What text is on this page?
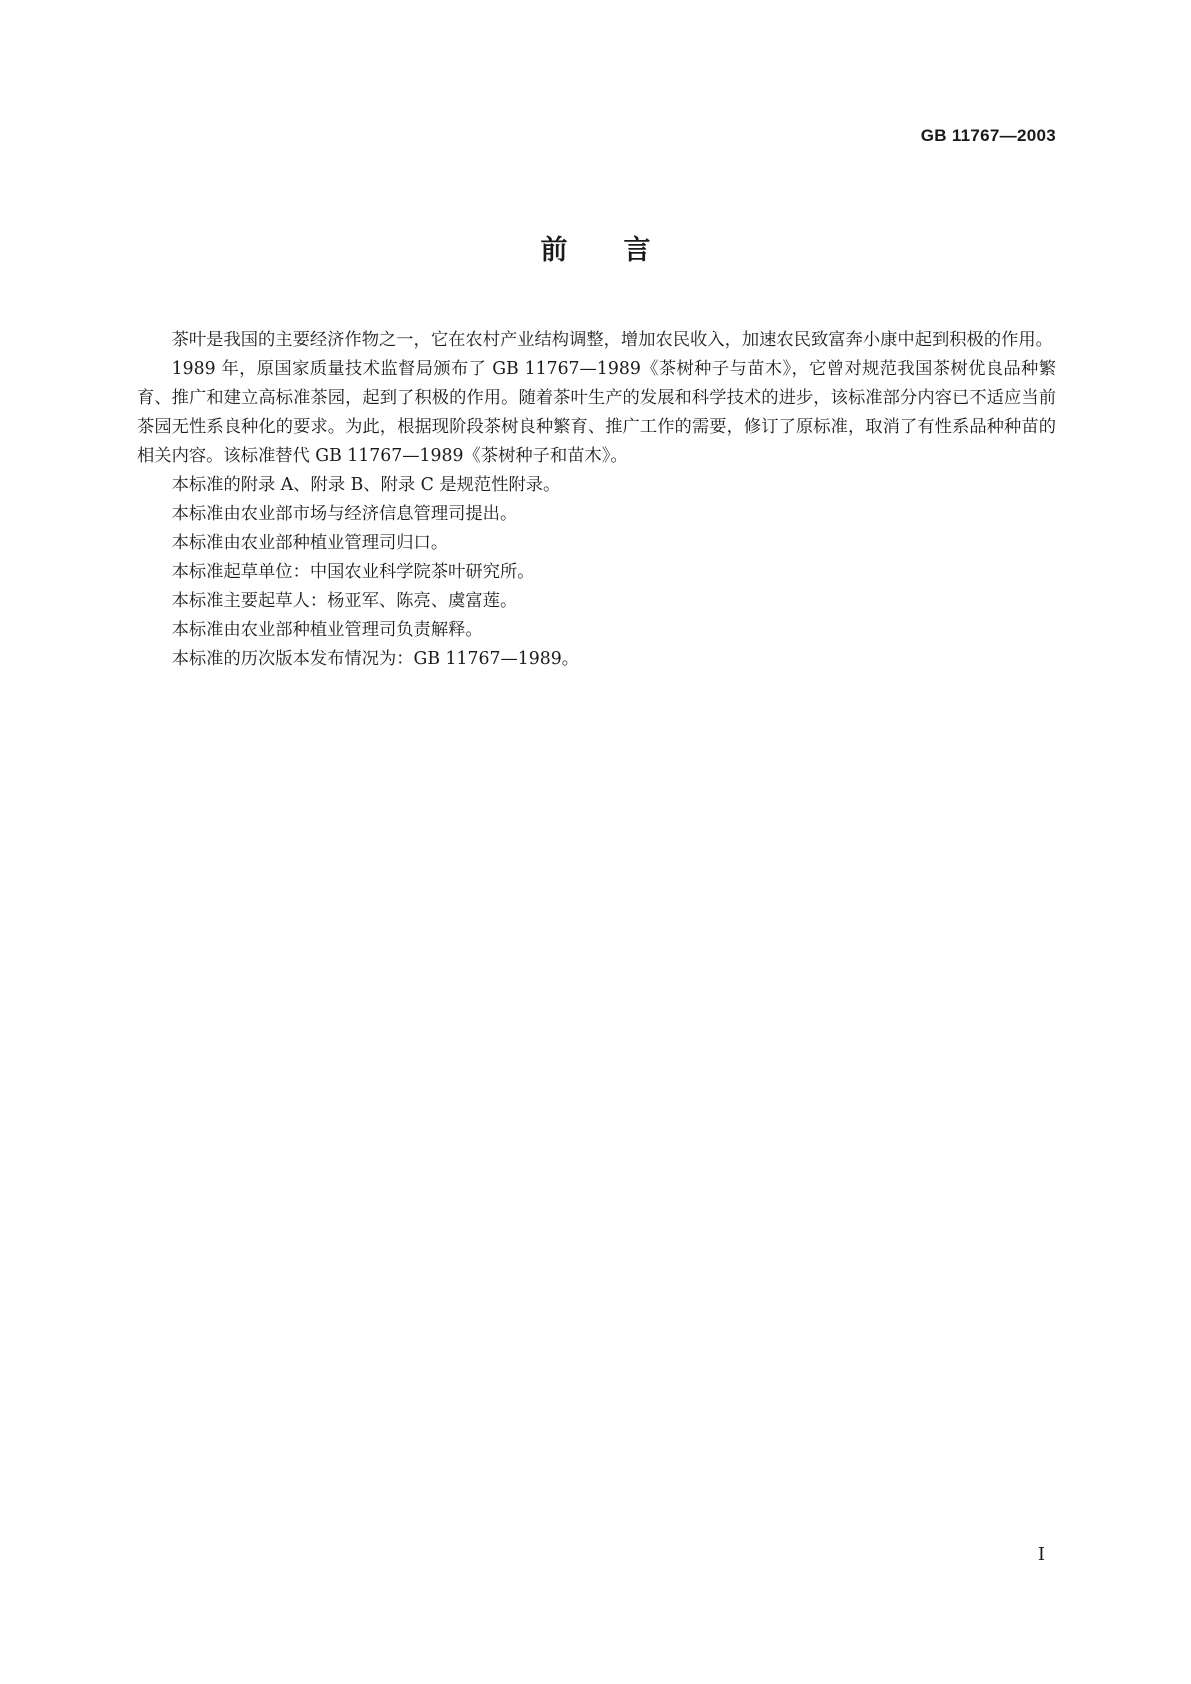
GB 11767—2003
前言

茶叶是我国的主要经济作物之一，它在农村产业结构调整，增加农民收入，加速农民致富奔小康中起到积极的作用。

1989 年，原国家质量技术监督局颁布了 GB 11767—1989《茶树种子与苗木》，它曾对规范我国茶树优良品种繁育、推广和建立高标准茶园，起到了积极的作用。随着茶叶生产的发展和科学技术的进步，该标准部分内容已不适应当前茶园无性系良种化的要求。为此，根据现阶段茶树良种繁育、推广工作的需要，修订了原标准，取消了有性系品种种苗的相关内容。该标准替代 GB 11767—1989《茶树种子和苗木》。

本标准的附录 A、附录 B、附录 C 是规范性附录。

本标准由农业部市场与经济信息管理司提出。

本标准由农业部种植业管理司归口。

本标准起草单位：中国农业科学院茶叶研究所。

本标准主要起草人：杨亚军、陈亮、虞富莲。

本标准由农业部种植业管理司负责解释。

本标准的历次版本发布情况为：GB 11767—1989。

I
